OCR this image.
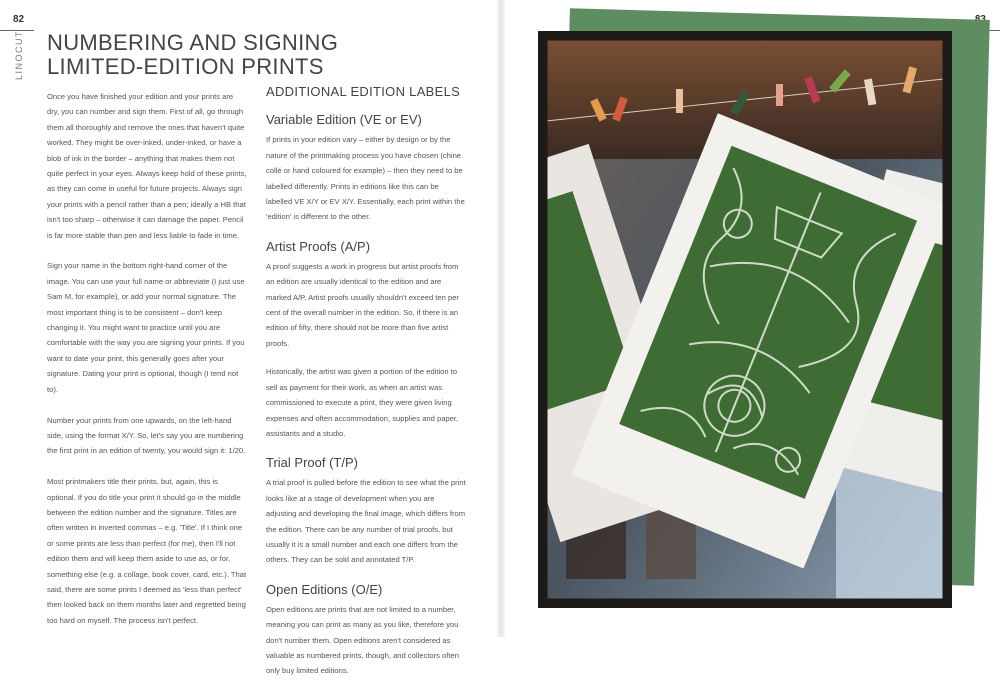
82
LINOCUT NUMBERING AND SIGNING
LIMITED-EDITION PRINTS

Once you have finished your edition and your prints are dry, you can number and sign them. First of all, go through them all thoroughly and remove the ones that haven't quite worked. They might be over-inked, under-inked, or have a blob of ink in the border – anything that makes them not quite perfect in your eyes. Always keep hold of these prints, as they can come in useful for future projects. Always sign your prints with a pencil rather than a pen; ideally a HB that isn't too sharp – otherwise it can damage the paper. Pencil is far more stable than pen and less liable to fade in time.

Sign your name in the bottom right-hand corner of the image. You can use your full name or abbreviate (I just use Sam M, for example), or add your normal signature. The most important thing is to be consistent – don't keep changing it. You might want to practice until you are comfortable with the way you are signing your prints. If you want to date your print, this generally goes after your signature. Dating your print is optional, though (I tend not to).

Number your prints from one upwards, on the left-hand side, using the format X/Y. So, let's say you are numbering the first print in an edition of twenty, you would sign it: 1/20.

Most printmakers title their prints, but, again, this is optional. If you do title your print it should go in the middle between the edition number and the signature. Titles are often written in inverted commas – e.g. 'Title'. If I think one or some prints are less than perfect (for me), then I'll not edition them and will keep them aside to use as, or for, something else (e.g. a collage, book cover, card, etc.). That said, there are some prints I deemed as 'less than perfect' then looked back on them months later and regretted being too hard on myself. The process isn't perfect.

ADDITIONAL EDITION LABELS
Variable Edition (VE or EV)

If prints in your edition vary – either by design or by the nature of the printmaking process you have chosen (chine collé or hand coloured for example) – then they need to be labelled differently. Prints in editions like this can be labelled VE X/Y or EV X/Y. Essentially, each print within the 'edition' is different to the other.

Artist Proofs (A/P)

A proof suggests a work in progress but artist proofs from an edition are usually identical to the edition and are marked A/P. Artist proofs usually shouldn't exceed ten per cent of the overall number in the edition. So, if there is an edition of fifty, there should not be more than five artist proofs.

Historically, the artist was given a portion of the edition to sell as payment for their work, as when an artist was commissioned to execute a print, they were given living expenses and often accommodation, supplies and paper, assistants and a studio.

Trial Proof (T/P)

A trial proof is pulled before the edition to see what the print looks like at a stage of development when you are adjusting and developing the final image, which differs from the edition. There can be any number of trial proofs, but usually it is a small number and each one differs from the others. They can be sold and annotated T/P.

Open Editions (O/E)

Open editions are prints that are not limited to a number, meaning you can print as many as you like, therefore you don't number them. Open editions aren't considered as valuable as numbered prints, though, and collectors often only buy limited editions.
